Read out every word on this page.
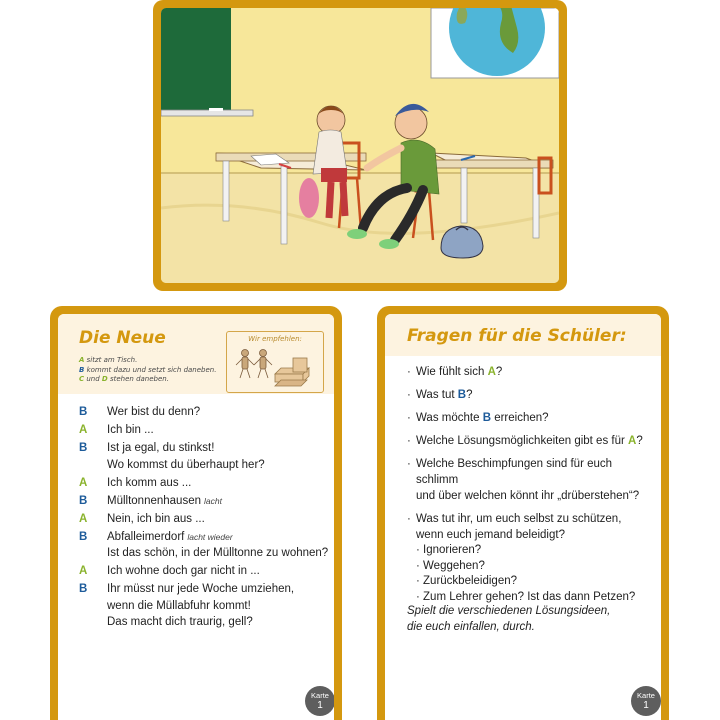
Die Neue
A sitzt am Tisch.
B kommt dazu und setzt sich daneben.
C und D stehen daneben.
Wir empfehlen:
B Wer bist du denn?
A Ich bin ...
B Ist ja egal, du stinkst!
Wo kommst du überhaupt her?
A Ich komm aus ...
B Mülltonnenhausen lacht
A Nein, ich bin aus ...
B Abfalleimerdorf lacht wieder
Ist das schön, in der Mülltonne zu wohnen?
A Ich wohne doch gar nicht in ...
B Ihr müsst nur jede Woche umziehen,
wenn die Müllabfuhr kommt!
Das macht dich traurig, gell?
Karte
1
Fragen für die Schüler:
· Wie fühlt sich A?
· Was tut B?
· Was möchte B erreichen?
· Welche Lösungsmöglichkeiten gibt es für A?
· Welche Beschimpfungen sind für euch schlimm
und über welchen könnt ihr „drüberstehen“?
· Was tut ihr, um euch selbst zu schützen,
wenn euch jemand beleidigt?
· Ignorieren?
· Weggehen?
· Zurückbeleidigen?
· Zum Lehrer gehen? Ist das dann Petzen?
Spielt die verschiedenen Lösungsideen,
die euch einfallen, durch.
Karte
1
